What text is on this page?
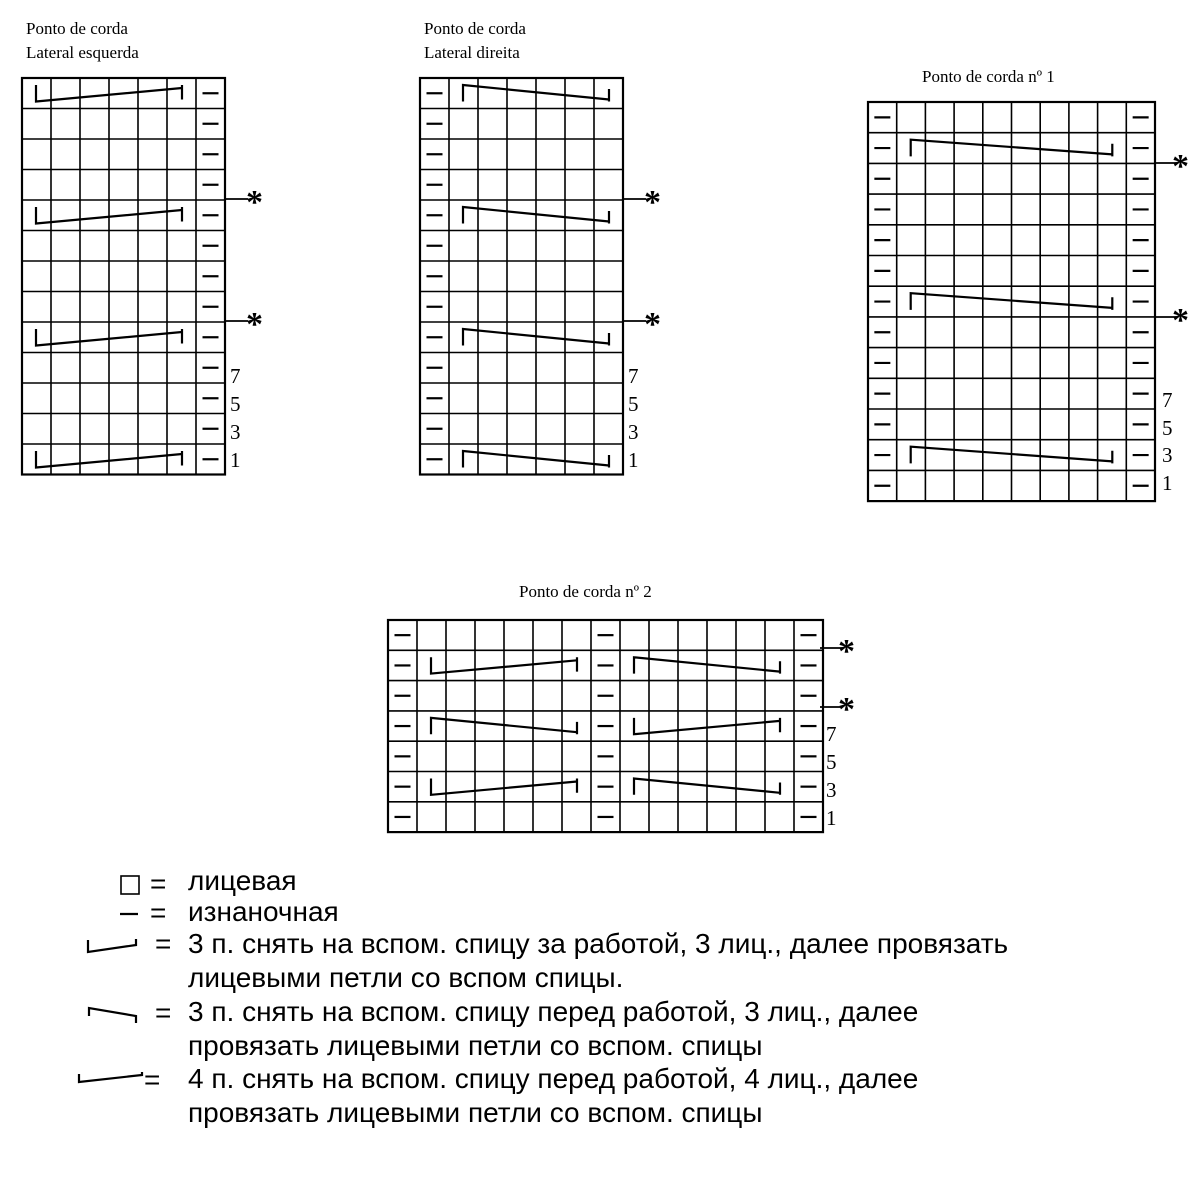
Ponto de corda
Lateral esquerda
7
5
3
1
*
*
Ponto de corda
Lateral direita
7
5
3
1
*
*
Ponto de corda nº 1
7
5
3
1
*
*
Ponto de corda nº 2
7
5
3
1
*
*
= лицевая
= изнаночная
= 3 п. снять на вспом. спицу за работой, 3 лиц., далее провязать
лицевыми петли со вспом спицы.
= 3 п. снять на вспом. спицу перед работой, 3 лиц., далее
провязать лицевыми петли со вспом. спицы
= 4 п. снять на вспом. спицу перед работой, 4 лиц., далее
провязать лицевыми петли со вспом. спицы
